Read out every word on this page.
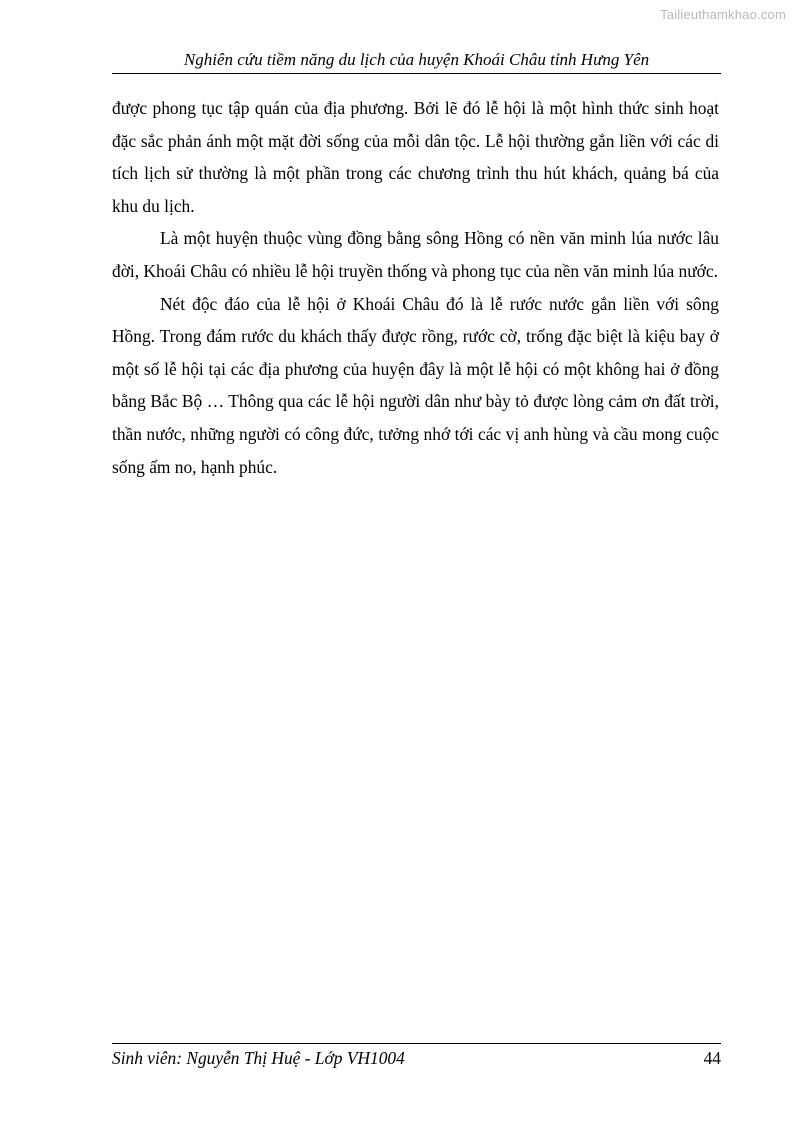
Tailieuthamkhao.com
Nghiên cứu tiềm năng du lịch của huyện Khoái Châu tỉnh Hưng Yên

được phong tục tập quán của địa phương. Bởi lẽ đó lễ hội là một hình thức sinh hoạt đặc sắc phản ánh một mặt đời sống của mỗi dân tộc. Lễ hội thường gắn liền với các di tích lịch sử thường là một phần trong các chương trình thu hút khách, quảng bá của khu du lịch.

Là một huyện thuộc vùng đồng bằng sông Hồng có nền văn minh lúa nước lâu đời, Khoái Châu có nhiều lễ hội truyền thống và phong tục của nền văn minh lúa nước.

Nét độc đáo của lễ hội ở Khoái Châu đó là lễ rước nước gắn liền với sông Hồng. Trong đám rước du khách thấy được rồng, rước cờ, trống đặc biệt là kiệu bay ở một số lễ hội tại các địa phương của huyện đây là một lễ hội có một không hai ở đồng bằng Bắc Bộ … Thông qua các lễ hội người dân như bày tỏ được lòng cảm ơn đất trời, thần nước, những người có công đức, tưởng nhớ tới các vị anh hùng và cầu mong cuộc sống ấm no, hạnh phúc.

Sinh viên: Nguyễn Thị Huệ - Lớp VH1004	44
